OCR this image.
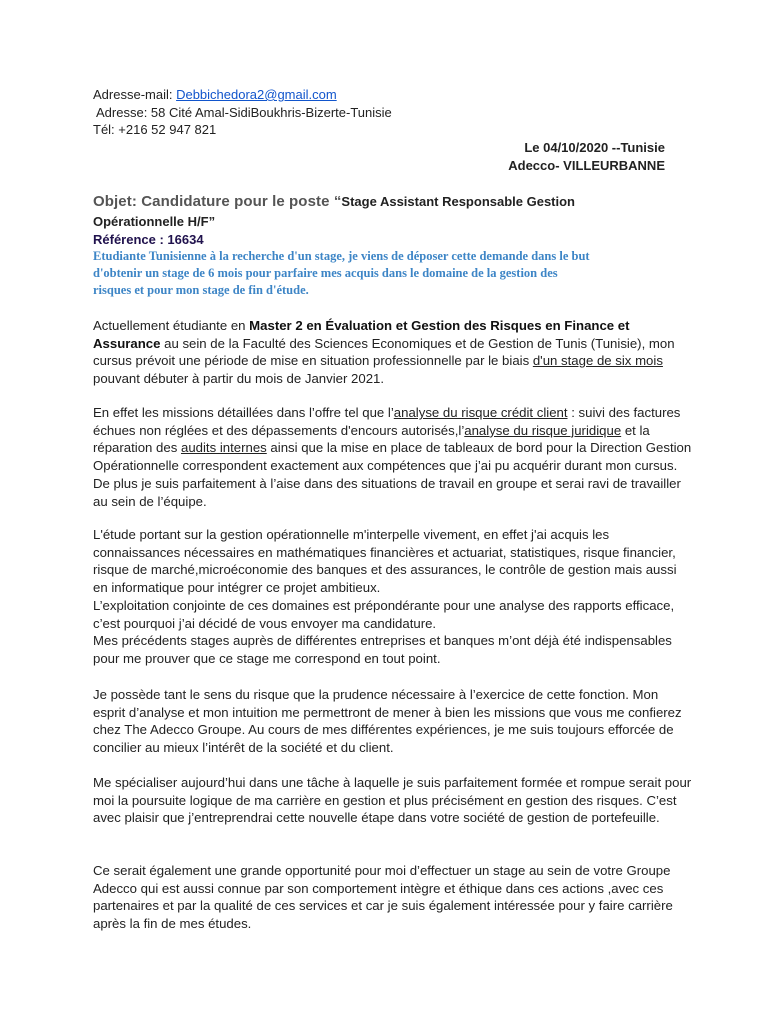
Adresse-mail: Debbichedora2@gmail.com
Adresse: 58 Cité Amal-SidiBoukhris-Bizerte-Tunisie
Tél: +216 52 947 821
Le 04/10/2020 --Tunisie
Adecco- VILLEURBANNE
Objet: Candidature pour le poste “Stage Assistant Responsable Gestion
Opérationnelle H/F”
Référence : 16634
Etudiante Tunisienne à la recherche d'un stage, je viens de déposer cette demande dans le but
d'obtenir un stage de 6 mois pour parfaire mes acquis dans le domaine de la gestion des
risques et pour mon stage de fin d'étude.
Actuellement étudiante en Master 2 en Évaluation et Gestion des Risques en Finance et Assurance au sein de la Faculté des Sciences Economiques et de Gestion de Tunis (Tunisie), mon cursus prévoit une période de mise en situation professionnelle par le biais d'un stage de six mois pouvant débuter à partir du mois de Janvier 2021.
En effet les missions détaillées dans l’offre tel que l’analyse du risque crédit client : suivi des factures échues non réglées et des dépassements d'encours autorisés,l’analyse du risque juridique et la réparation des audits internes ainsi que la mise en place de tableaux de bord pour la Direction Gestion Opérationnelle correspondent exactement aux compétences que j’ai pu acquérir durant mon cursus. De plus je suis parfaitement à l’aise dans des situations de travail en groupe et serai ravi de travailler au sein de l’équipe.
L'étude portant sur la gestion opérationnelle m'interpelle vivement, en effet j'ai acquis les connaissances nécessaires en mathématiques financières et actuariat, statistiques, risque financier, risque de marché,microéconomie des banques et des assurances, le contrôle de gestion mais aussi en informatique pour intégrer ce projet ambitieux.
L’exploitation conjointe de ces domaines est prépondérante pour une analyse des rapports efficace, c’est pourquoi j’ai décidé de vous envoyer ma candidature.
Mes précédents stages auprès de différentes entreprises et banques m’ont déjà été indispensables pour me prouver que ce stage me correspond en tout point.
Je possède tant le sens du risque que la prudence nécessaire à l’exercice de cette fonction. Mon esprit d’analyse et mon intuition me permettront de mener à bien les missions que vous me confierez chez The Adecco Groupe. Au cours de mes différentes expériences, je me suis toujours efforcée de concilier au mieux l’intérêt de la société et du client.
Me spécialiser aujourd’hui dans une tâche à laquelle je suis parfaitement formée et rompue serait pour moi la poursuite logique de ma carrière en gestion et plus précisément en gestion des risques. C’est avec plaisir que j’entreprendrai cette nouvelle étape dans votre société de gestion de portefeuille.
Ce serait également une grande opportunité pour moi d’effectuer un stage au sein de votre Groupe Adecco qui est aussi connue par son comportement intègre et éthique dans ces actions ,avec ces partenaires et par la qualité de ces services et car je suis également intéressée pour y faire carrière après la fin de mes études.
